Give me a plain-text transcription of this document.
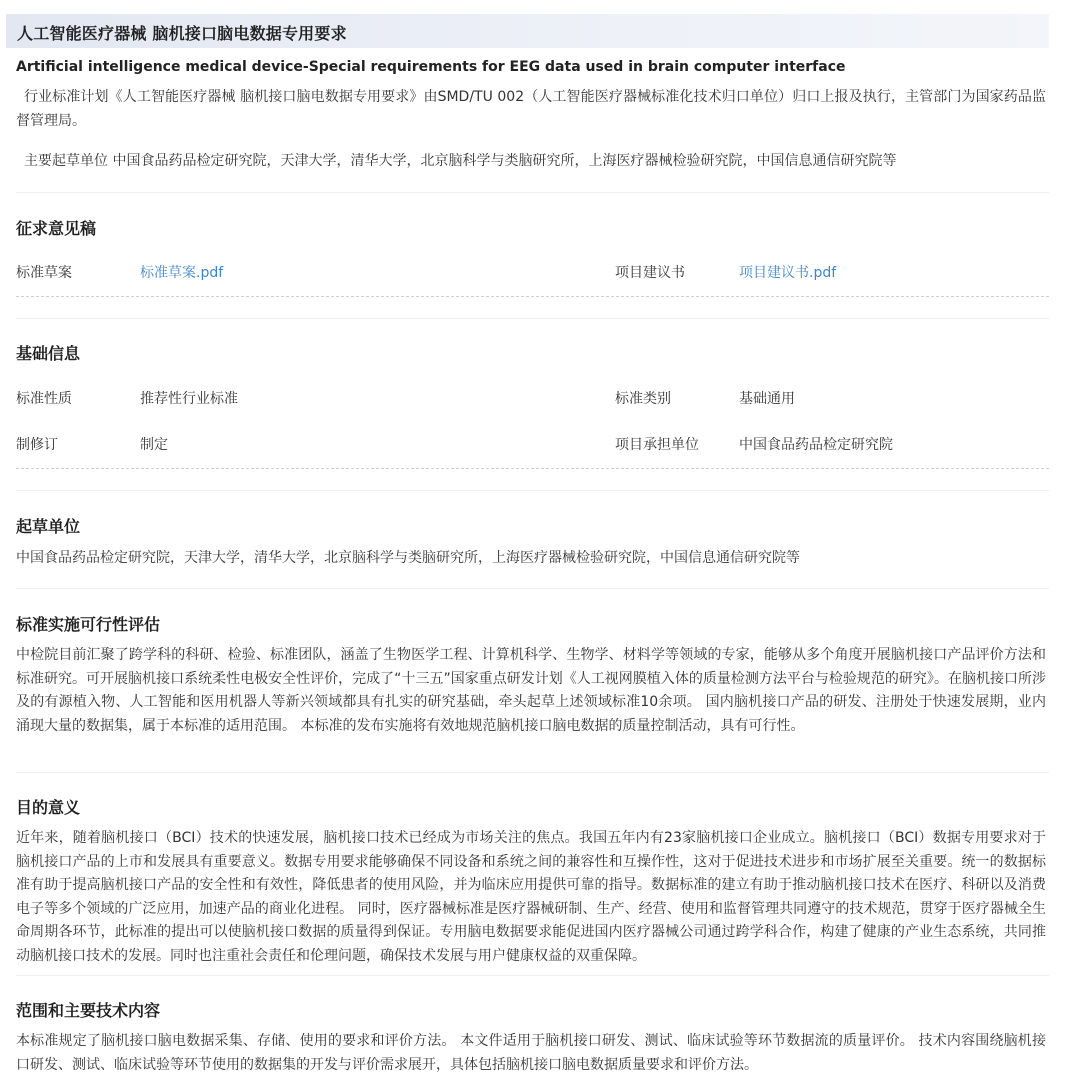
人工智能医疗器械 脑机接口脑电数据专用要求
Artificial intelligence medical device-Special requirements for EEG data used in brain computer interface
行业标准计划《人工智能医疗器械 脑机接口脑电数据专用要求》由SMD/TU 002（人工智能医疗器械标准化技术归口单位）归口上报及执行，主管部门为国家药品监督管理局。
主要起草单位 中国食品药品检定研究院，天津大学，清华大学，北京脑科学与类脑研究所，上海医疗器械检验研究院，中国信息通信研究院等
征求意见稿
标准草案	标准草案.pdf	项目建议书	项目建议书.pdf
基础信息
标准性质	推荐性行业标准	标准类别	基础通用
制修订	制定	项目承担单位	中国食品药品检定研究院
起草单位
中国食品药品检定研究院，天津大学，清华大学，北京脑科学与类脑研究所，上海医疗器械检验研究院，中国信息通信研究院等
标准实施可行性评估
中检院目前汇聚了跨学科的科研、检验、标准团队，涵盖了生物医学工程、计算机科学、生物学、材料学等领域的专家，能够从多个角度开展脑机接口产品评价方法和标准研究。可开展脑机接口系统柔性电极安全性评价，完成了“十三五”国家重点研发计划《人工视网膜植入体的质量检测方法平台与检验规范的研究》。在脑机接口所涉及的有源植入物、人工智能和医用机器人等新兴领域都具有扎实的研究基础，牵头起草上述领域标准10余项。 国内脑机接口产品的研发、注册处于快速发展期，业内涌现大量的数据集，属于本标准的适用范围。 本标准的发布实施将有效地规范脑机接口脑电数据的质量控制活动，具有可行性。
目的意义
近年来，随着脑机接口（BCI）技术的快速发展，脑机接口技术已经成为市场关注的焦点。我国五年内有23家脑机接口企业成立。脑机接口（BCI）数据专用要求对于脑机接口产品的上市和发展具有重要意义。数据专用要求能够确保不同设备和系统之间的兼容性和互操作性，这对于促进技术进步和市场扩展至关重要。统一的数据标准有助于提高脑机接口产品的安全性和有效性，降低患者的使用风险，并为临床应用提供可靠的指导。数据标准的建立有助于推动脑机接口技术在医疗、科研以及消费电子等多个领域的广泛应用，加速产品的商业化进程。 同时，医疗器械标准是医疗器械研制、生产、经营、使用和监督管理共同遵守的技术规范，贯穿于医疗器械全生命周期各环节，此标准的提出可以使脑机接口数据的质量得到保证。专用脑电数据要求能促进国内医疗器械公司通过跨学科合作，构建了健康的产业生态系统，共同推动脑机接口技术的发展。同时也注重社会责任和伦理问题，确保技术发展与用户健康权益的双重保障。
范围和主要技术内容
本标准规定了脑机接口脑电数据采集、存储、使用的要求和评价方法。 本文件适用于脑机接口研发、测试、临床试验等环节数据流的质量评价。 技术内容围绕脑机接口研发、测试、临床试验等环节使用的数据集的开发与评价需求展开，具体包括脑机接口脑电数据质量要求和评价方法。
